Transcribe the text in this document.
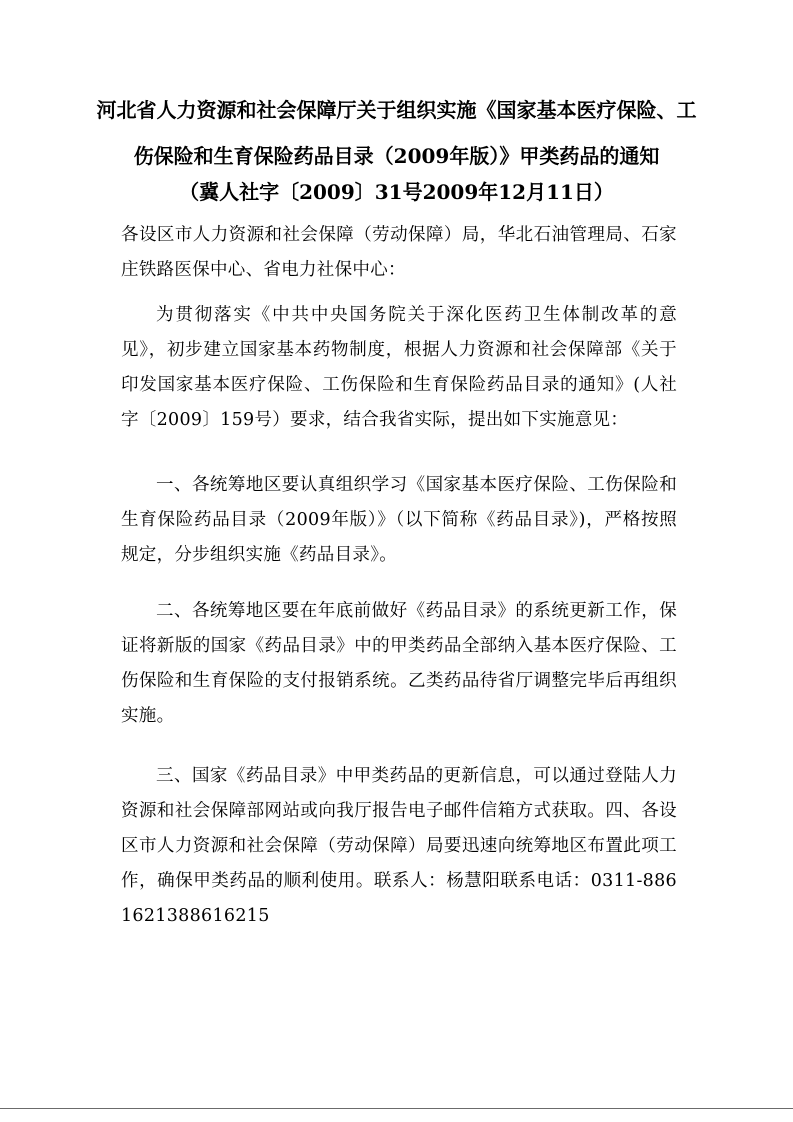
河北省人力资源和社会保障厅关于组织实施《国家基本医疗保险、工
伤保险和生育保险药品目录（2009年版）》甲类药品的通知
（冀人社字〔2009〕31号2009年12月11日）
各设区市人力资源和社会保障（劳动保障）局，华北石油管理局、石家庄铁路医保中心、省电力社保中心：
为贯彻落实《中共中央国务院关于深化医药卫生体制改革的意见》，初步建立国家基本药物制度，根据人力资源和社会保障部《关于印发国家基本医疗保险、工伤保险和生育保险药品目录的通知》(人社字〔2009〕159号）要求，结合我省实际，提出如下实施意见：
一、各统筹地区要认真组织学习《国家基本医疗保险、工伤保险和生育保险药品目录（2009年版）》（以下简称《药品目录》)，严格按照规定，分步组织实施《药品目录》。
二、各统筹地区要在年底前做好《药品目录》的系统更新工作，保证将新版的国家《药品目录》中的甲类药品全部纳入基本医疗保险、工伤保险和生育保险的支付报销系统。乙类药品待省厅调整完毕后再组织实施。
三、国家《药品目录》中甲类药品的更新信息，可以通过登陆人力资源和社会保障部网站或向我厅报告电子邮件信箱方式获取。四、各设区市人力资源和社会保障（劳动保障）局要迅速向统筹地区布置此项工作，确保甲类药品的顺利使用。联系人：杨慧阳联系电话：0311-8861621388616215
